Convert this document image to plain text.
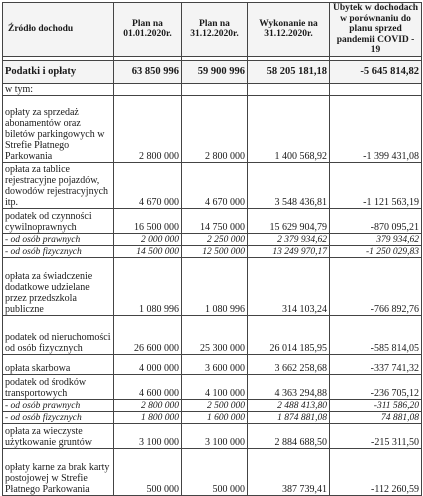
Źródło dochodu	Plan na 01.01.2020r.	Plan na 31.12.2020r.	Wykonanie na 31.12.2020r.	Ubytek w dochodach w porównaniu do planu sprzed pandemii COVID - 19

Podatki i opłaty	63 850 996	59 900 996	58 205 181,18	-5 645 814,82
w tym:				
opłaty za sprzedaż abonamentów oraz biletów parkingowych w Strefie Płatnego Parkowania	2 800 000	2 800 000	1 400 568,92	-1 399 431,08
opłata za tablice rejestracyjne pojazdów, dowodów rejestracyjnych itp.	4 670 000	4 670 000	3 548 436,81	-1 121 563,19
podatek od czynności cywilnoprawnych	16 500 000	14 750 000	15 629 904,79	-870 095,21
- od osób prawnych	2 000 000	2 250 000	2 379 934,62	379 934,62
- od osób fizycznych	14 500 000	12 500 000	13 249 970,17	-1 250 029,83
opłata za świadczenie dodatkowe udzielane przez przedszkola publiczne	1 080 996	1 080 996	314 103,24	-766 892,76
podatek od nieruchomości od osób fizycznych	26 600 000	25 300 000	26 014 185,95	-585 814,05
opłata skarbowa	4 000 000	3 600 000	3 662 258,68	-337 741,32
podatek od środków transportowych	4 600 000	4 100 000	4 363 294,88	-236 705,12
- od osób prawnych	2 800 000	2 500 000	2 488 413,80	-311 586,20
- od osób fizycznych	1 800 000	1 600 000	1 874 881,08	74 881,08
opłata za wieczyste użytkowanie gruntów	3 100 000	3 100 000	2 884 688,50	-215 311,50
opłaty karne za brak karty postojowej w Strefie Płatnego Parkowania	500 000	500 000	387 739,41	-112 260,59
